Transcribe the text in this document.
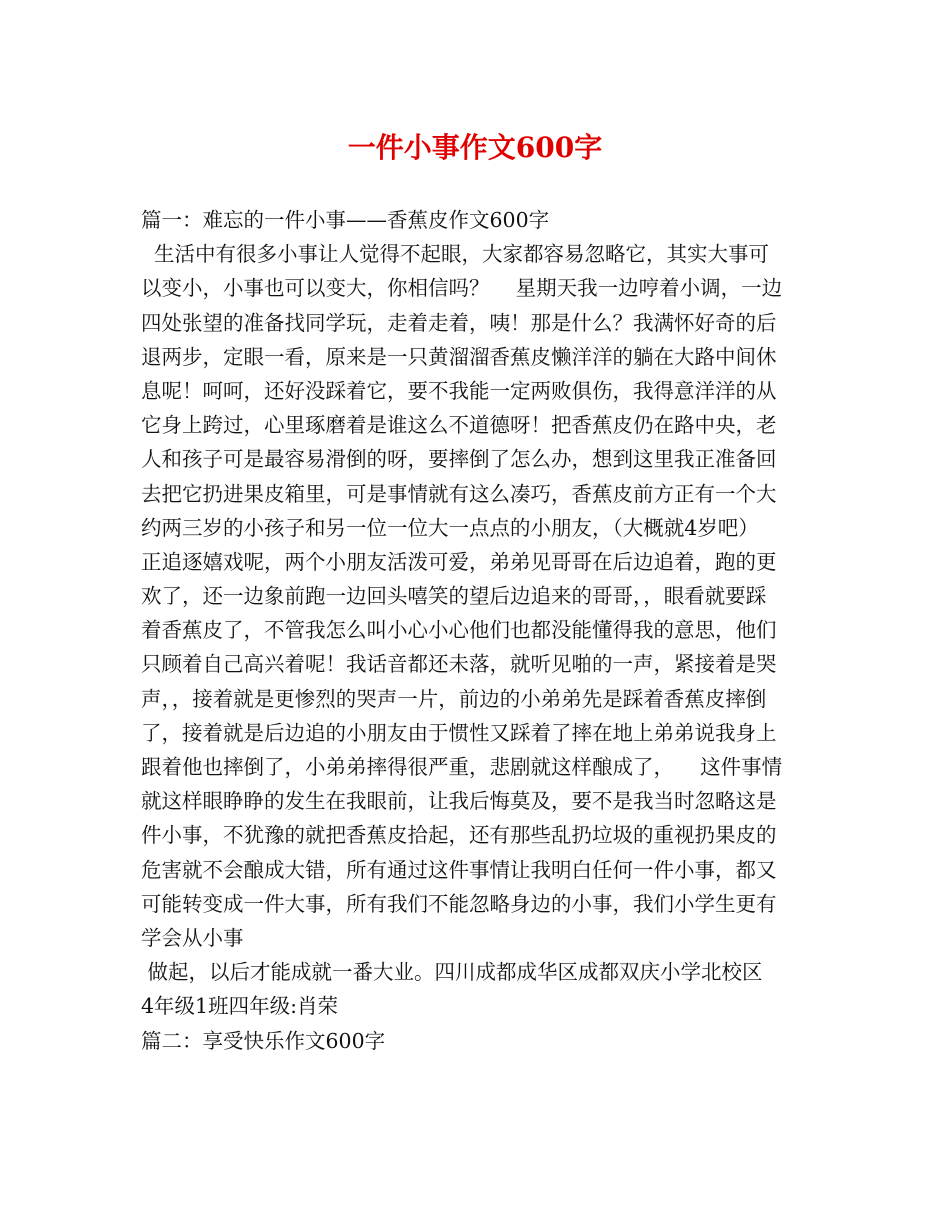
一件小事作文600字
篇一：难忘的一件小事——香蕉皮作文600字
生活中有很多小事让人觉得不起眼，大家都容易忽略它，其实大事可
以变小，小事也可以变大，你相信吗？    星期天我一边哼着小调，一边
四处张望的准备找同学玩，走着走着，咦！那是什么？我满怀好奇的后
退两步，定眼一看，原来是一只黄溜溜香蕉皮懒洋洋的躺在大路中间休
息呢！呵呵，还好没踩着它，要不我能一定两败俱伤，我得意洋洋的从
它身上跨过，心里琢磨着是谁这么不道德呀！把香蕉皮仍在路中央，老
人和孩子可是最容易滑倒的呀，要摔倒了怎么办，想到这里我正准备回
去把它扔进果皮箱里，可是事情就有这么凑巧，香蕉皮前方正有一个大
约两三岁的小孩子和另一位一位大一点点的小朋友，（大概就4岁吧）
正追逐嬉戏呢，两个小朋友活泼可爱，弟弟见哥哥在后边追着，跑的更
欢了，还一边象前跑一边回头嘻笑的望后边追来的哥哥，，眼看就要踩
着香蕉皮了，不管我怎么叫小心小心他们也都没能懂得我的意思，他们
只顾着自己高兴着呢！我话音都还未落，就听见啪的一声，紧接着是哭
声，，接着就是更惨烈的哭声一片，前边的小弟弟先是踩着香蕉皮摔倒
了，接着就是后边追的小朋友由于惯性又踩着了摔在地上弟弟说我身上
跟着他也摔倒了，小弟弟摔得很严重，悲剧就这样酿成了，    这件事情
就这样眼睁睁的发生在我眼前，让我后悔莫及，要不是我当时忽略这是
件小事，不犹豫的就把香蕉皮拾起，还有那些乱扔垃圾的重视扔果皮的
危害就不会酿成大错，所有通过这件事情让我明白任何一件小事，都又
可能转变成一件大事，所有我们不能忽略身边的小事，我们小学生更有
学会从小事
做起，以后才能成就一番大业。四川成都成华区成都双庆小学北校区
4年级1班四年级:肖荣
篇二：享受快乐作文600字
